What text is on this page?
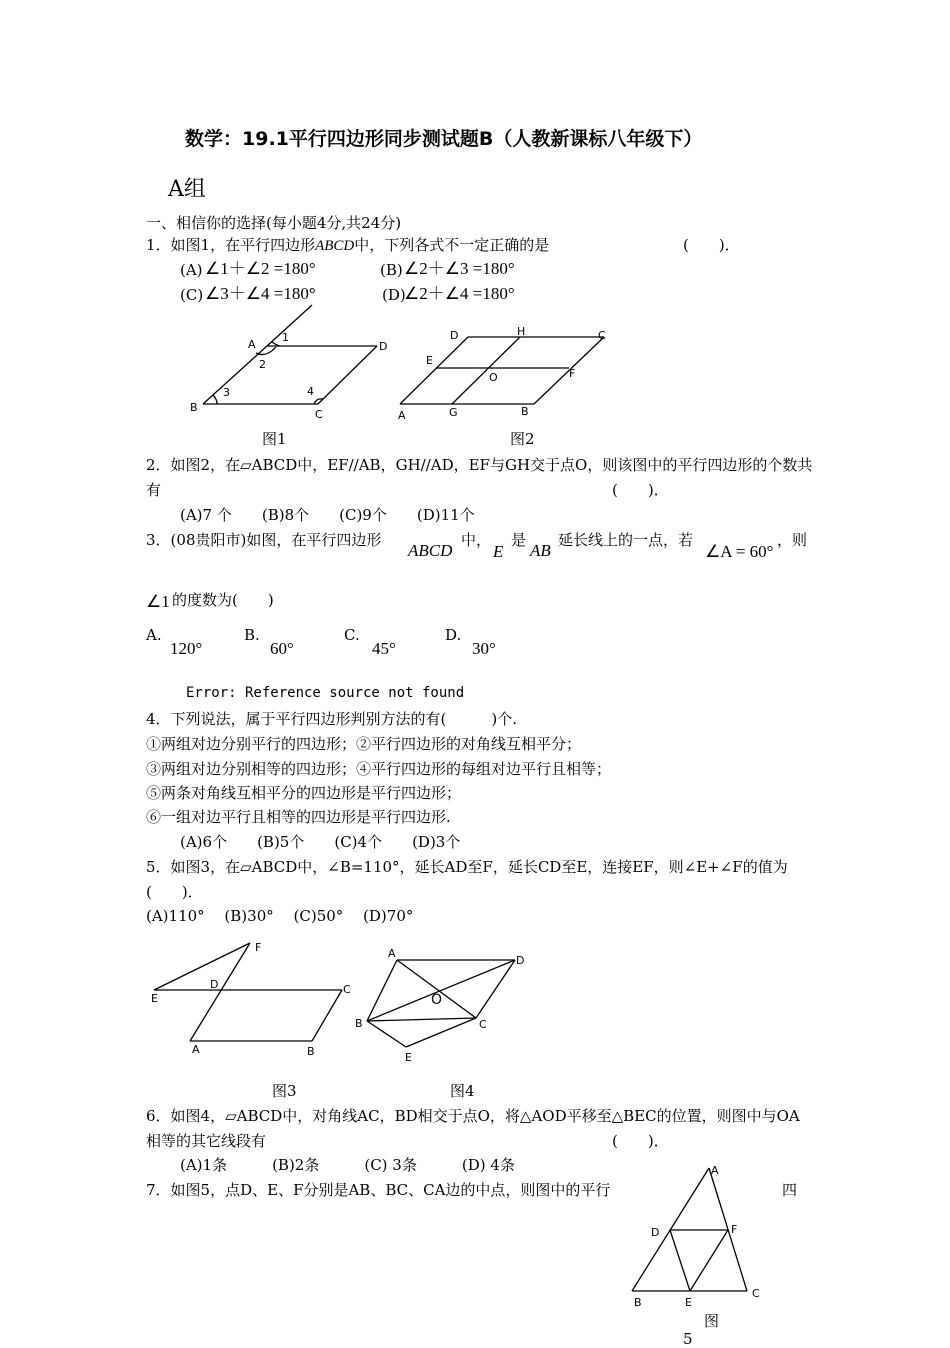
数学：19.1平行四边形同步测试题B（人教新课标八年级下）
A组
一、相信你的选择(每小题4分,共24分)
1．如图1，在平行四边形ABCD中，下列各式不一定正确的是	(　　)．
(A) ∠1＋∠2 =180°	(B) ∠2＋∠3 =180°
(C) ∠3＋∠4 =180°	(D)
∠2＋∠4 =180°
A
B
C
D
1
2
3	4
图1
A	B
C
D
E
F
G
H
O
图2
2．如图2，在▱ABCD中，EF//AB，GH//AD，EF与GH交于点O，则该图中的平行四边形的个数共
有	(　　)．
(A)7 个　　(B)8个　　(C)9个　　(D)11个
3．(08贵阳市)如图，在平行四边形
ABCD
中，
E
是
AB
延长线上的一点，若
∠A = 60°
，则
∠1 的度数为(　　)
A.
120°
B.
60°
C.
45°
D.
30°
Error: Reference source not found
4．下列说法，属于平行四边形判别方法的有(　　　)个.
①两组对边分别平行的四边形；②平行四边形的对角线互相平分；
③两组对边分别相等的四边形；④平行四边形的每组对边平行且相等；
⑤两条对角线互相平分的四边形是平行四边形；
⑥一组对边平行且相等的四边形是平行四边形.
(A)6个　　(B)5个　　(C)4个　　(D)3个
5．如图3，在▱ABCD中，∠B=110°，延长AD至F，延长CD至E，连接EF，则∠E+∠F的值为
(　　)．
(A)110°　 (B)30°　 (C)50°　 (D)70°
A	B
C
D
E
F
图3
A
B	C
D
E
O
图4
6．如图4，▱ABCD中，对角线AC，BD相交于点O，将△AOD平移至△BEC的位置，则图中与OA
相等的其它线段有	(　　)．
(A)1条　　　(B)2条　　　(C) 3条　　　(D) 4条
7．如图5，点D、E、F分别是AB、BC、CA边的中点，则图中的平行	四
A
B
C
D
E
F
图
5
